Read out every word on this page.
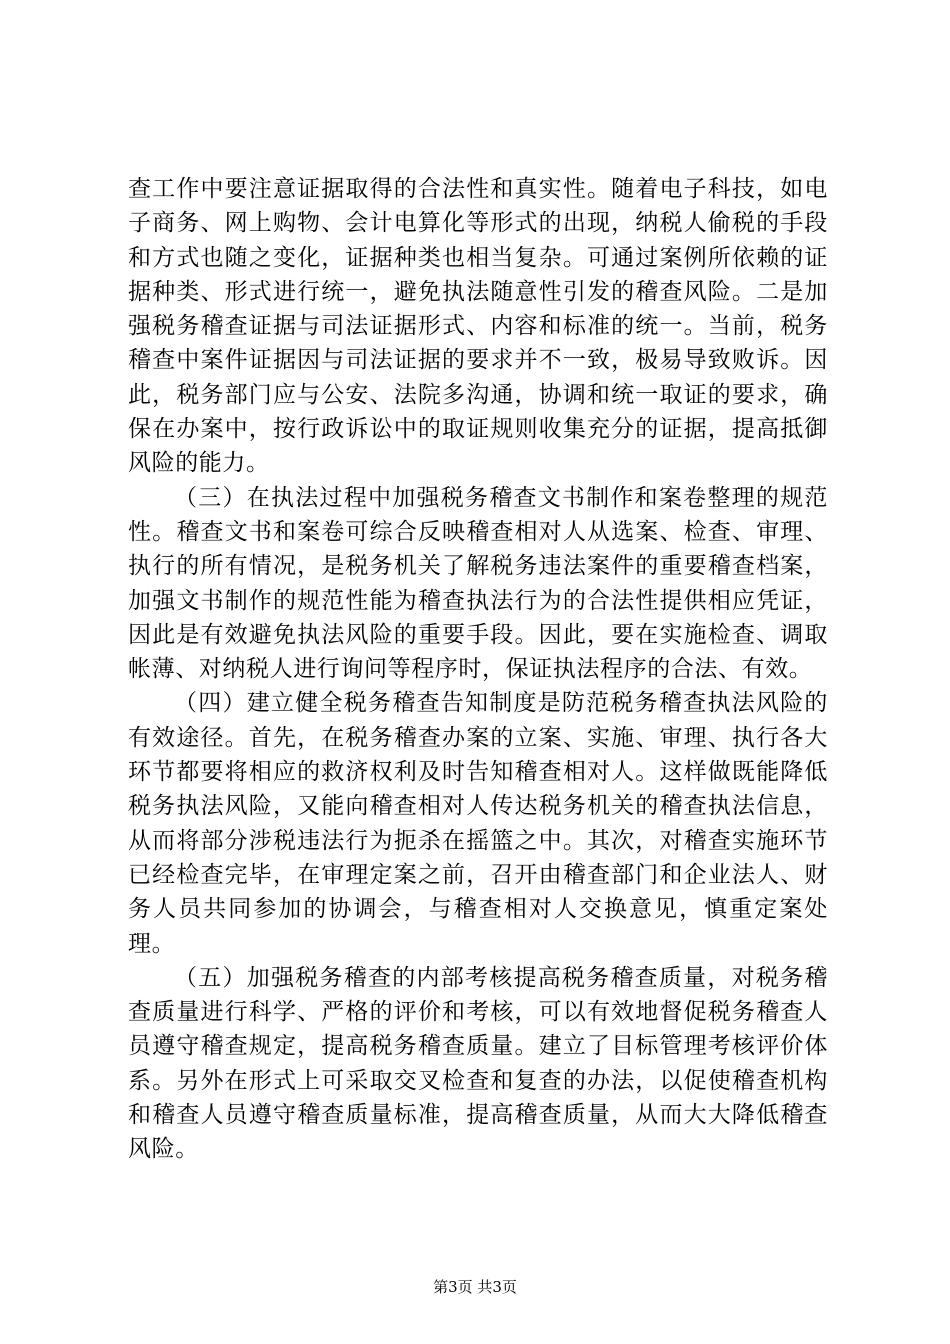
查工作中要注意证据取得的合法性和真实性。随着电子科技，如电子商务、网上购物、会计电算化等形式的出现，纳税人偷税的手段和方式也随之变化，证据种类也相当复杂。可通过案例所依赖的证据种类、形式进行统一，避免执法随意性引发的稽查风险。二是加强税务稽查证据与司法证据形式、内容和标准的统一。当前，税务稽查中案件证据因与司法证据的要求并不一致，极易导致败诉。因此，税务部门应与公安、法院多沟通，协调和统一取证的要求，确保在办案中，按行政诉讼中的取证规则收集充分的证据，提高抵御风险的能力。

（三）在执法过程中加强税务稽查文书制作和案卷整理的规范性。稽查文书和案卷可综合反映稽查相对人从选案、检查、审理、执行的所有情况，是税务机关了解税务违法案件的重要稽查档案，加强文书制作的规范性能为稽查执法行为的合法性提供相应凭证，因此是有效避免执法风险的重要手段。因此，要在实施检查、调取帐薄、对纳税人进行询问等程序时，保证执法程序的合法、有效。

（四）建立健全税务稽查告知制度是防范税务稽查执法风险的有效途径。首先，在税务稽查办案的立案、实施、审理、执行各大环节都要将相应的救济权利及时告知稽查相对人。这样做既能降低税务执法风险，又能向稽查相对人传达税务机关的稽查执法信息，从而将部分涉税违法行为扼杀在摇篮之中。其次，对稽查实施环节已经检查完毕，在审理定案之前，召开由稽查部门和企业法人、财务人员共同参加的协调会，与稽查相对人交换意见，慎重定案处理。

（五）加强税务稽查的内部考核提高税务稽查质量，对税务稽查质量进行科学、严格的评价和考核，可以有效地督促税务稽查人员遵守稽查规定，提高税务稽查质量。建立了目标管理考核评价体系。另外在形式上可采取交叉检查和复查的办法，以促使稽查机构和稽查人员遵守稽查质量标准，提高稽查质量，从而大大降低稽查风险。

第3页 共3页
